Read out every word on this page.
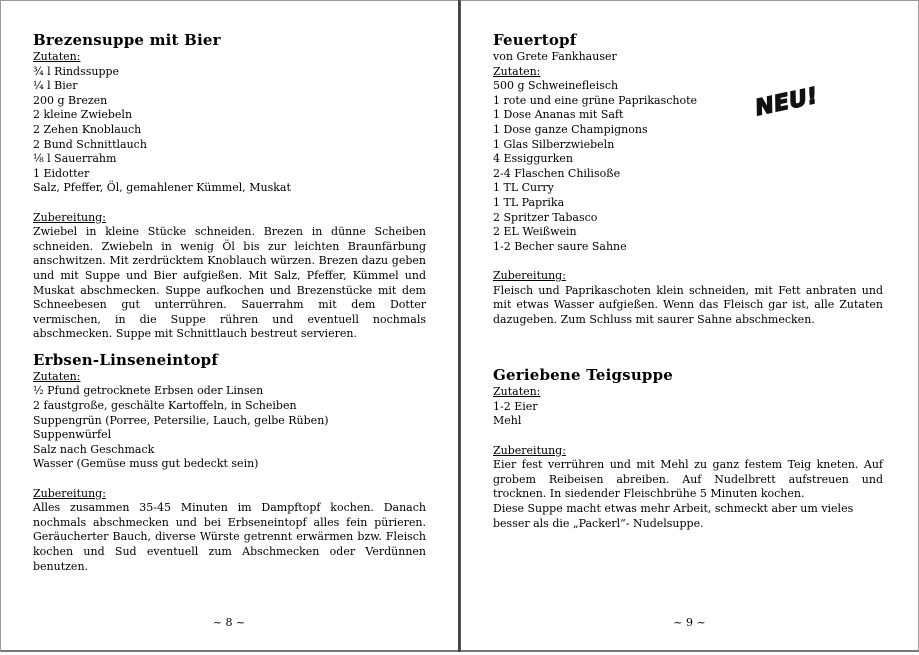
Brezensuppe mit Bier
Zutaten:
¾ l Rindssuppe
¼ l Bier
200 g Brezen
2 kleine Zwiebeln
2 Zehen Knoblauch
2 Bund Schnittlauch
⅛ l Sauerrahm
1 Eidotter
Salz, Pfeffer, Öl, gemahlener Kümmel, Muskat
Zubereitung:
Zwiebel in kleine Stücke schneiden. Brezen in dünne Scheiben schneiden. Zwiebeln in wenig Öl bis zur leichten Braunfärbung anschwitzen. Mit zerdrücktem Knoblauch würzen. Brezen dazu geben und mit Suppe und Bier aufgießen. Mit Salz, Pfeffer, Kümmel und Muskat abschmecken. Suppe aufkochen und Brezenstücke mit dem Schneebesen gut unterrühren. Sauerrahm mit dem Dotter vermischen, in die Suppe rühren und eventuell nochmals abschmecken. Suppe mit Schnittlauch bestreut servieren.
Erbsen-Linseneintopf
Zutaten:
½ Pfund getrocknete Erbsen oder Linsen
2 faustgroße, geschälte Kartoffeln, in Scheiben
Suppengrün (Porree, Petersilie, Lauch, gelbe Rüben)
Suppenwürfel
Salz nach Geschmack
Wasser (Gemüse muss gut bedeckt sein)
Zubereitung:
Alles zusammen 35-45 Minuten im Dampftopf kochen. Danach nochmals abschmecken und bei Erbseneintopf alles fein pürieren. Geräucherter Bauch, diverse Würste getrennt erwärmen bzw. Fleisch kochen und Sud eventuell zum Abschmecken oder Verdünnen benutzen.
~ 8 ~
Feuertopf
von Grete Fankhauser
Zutaten:
500 g Schweinefleisch
1 rote und eine grüne Paprikaschote
1 Dose Ananas mit Saft
1 Dose ganze Champignons
1 Glas Silberzwiebeln
4 Essiggurken
2-4 Flaschen Chilisoße
1 TL Curry
1 TL Paprika
2 Spritzer Tabasco
2 EL Weißwein
1-2 Becher saure Sahne
Zubereitung:
Fleisch und Paprikaschoten klein schneiden, mit Fett anbraten und mit etwas Wasser aufgießen. Wenn das Fleisch gar ist, alle Zutaten dazugeben. Zum Schluss mit saurer Sahne abschmecken.
Geriebene Teigsuppe
Zutaten:
1-2 Eier
Mehl
Zubereitung:
Eier fest verrühren und mit Mehl zu ganz festem Teig kneten. Auf grobem Reibeisen abreiben. Auf Nudelbrett aufstreuen und trocknen. In siedender Fleischbrühe 5 Minuten kochen.
Diese Suppe macht etwas mehr Arbeit, schmeckt aber um vieles besser als die „Packerl“- Nudelsuppe.
NEU!
~ 9 ~
